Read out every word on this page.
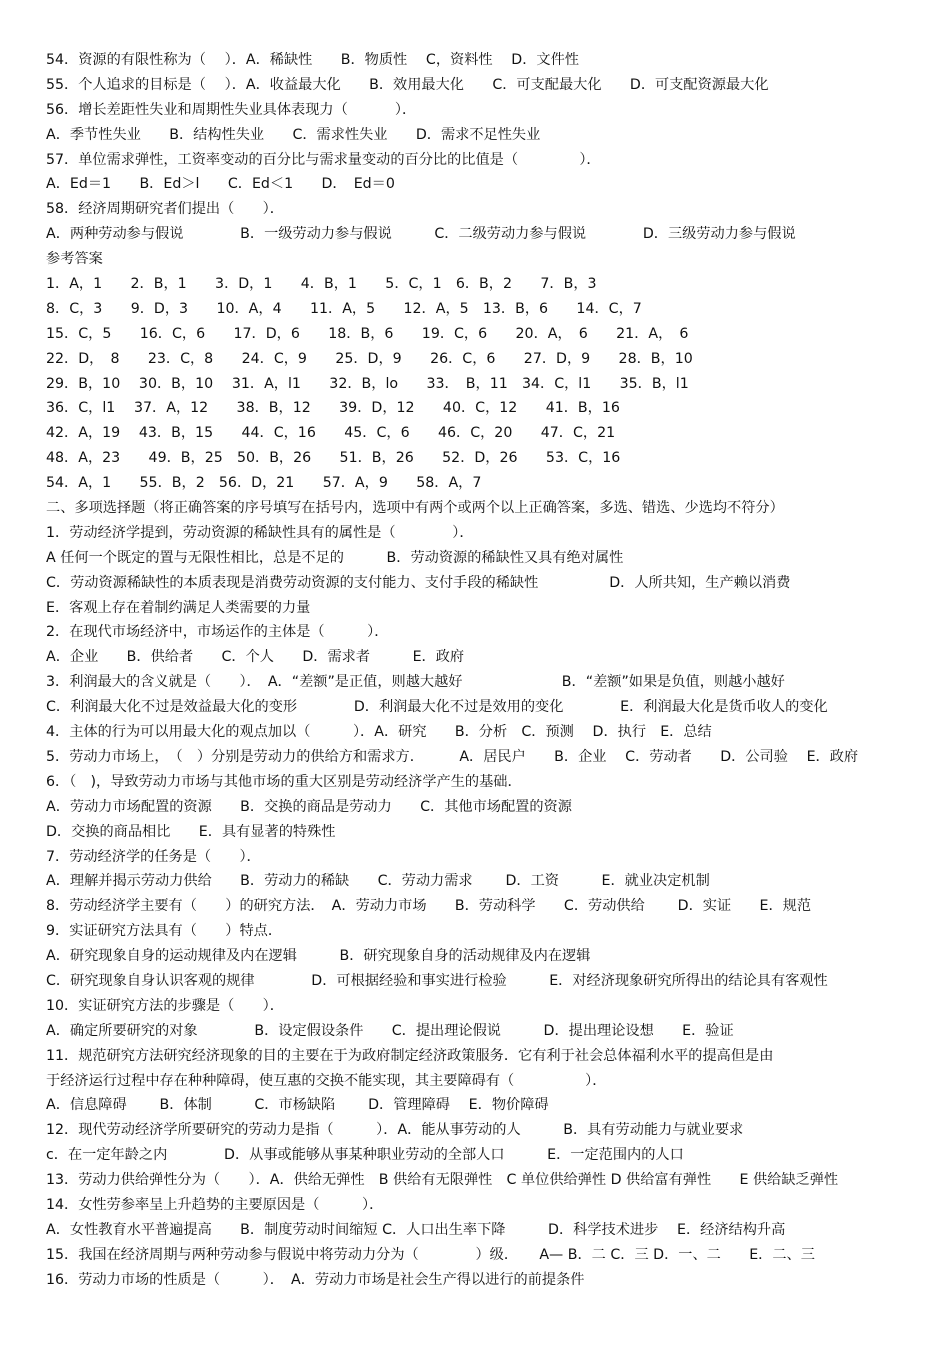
54．资源的有限性称为（　 ）．A．稀缺性　　B．物质性　 C，资料性　 D．文件性
55．个人追求的目标是（　 ）．A．收益最大化　　B．效用最大化　　C．可支配最大化　　D．可支配资源最大化
56．增长差距性失业和周期性失业具体表现力（　　　 ）．
A．季节性失业　　B．结构性失业　　C．需求性失业　　D．需求不足性失业
57．单位需求弹性，工资率变动的百分比与需求量变动的百分比的比值是（　　　　 ）．
A．Ed＝1　　B．Ed＞l　　C．Ed＜1　　D．　Ed＝0
58．经济周期研究者们提出（　　）．
A．两种劳动参与假说　　　　B．一级劳动力参与假说　　　C．二级劳动力参与假说　　　　D．三级劳动力参与假说
参考答案
1．A，1　　2．B，1　　3．D，1　　4．B，1　　5．C，1　6．B，2　　7．B，3
8．C，3　　9．D，3　　10．A，4　　11．A，5　　12．A，5　13．B，6　　14．C，7
15．C，5　　16．C，6　　17．D，6　　18．B，6　　19．C，6　　20．A，　6　　21．A，　6
22．D，　8　　23．C，8　　24．C，9　　25．D，9　　26．C，6　　27．D，9　　28．B，10
29．B，10　 30．B，10　 31．A，l1　　32．B，lo　　33．　B，11　34．C，l1　　35．B，l1
36．C，l1　 37．A，12　　38．B，12　　39．D，12　　40．C，12　　41．B，16
42．A，19　 43．B，15　　44．C，16　　45．C，6　　46．C，20　　47．C，21
48．A，23　　49．B，25　50．B，26　　51．B，26　　52．D，26　　53．C，16
54．A，1　　55．B，2　56．D，21　　57．A，9　　58．A，7
二、多项选择题（将正确答案的序号填写在括号内，选项中有两个或两个以上正确答案，多选、错选、少选均不符分）
1．劳动经济学提到，劳动资源的稀缺性具有的属性是（　　　　）．
A 任何一个既定的置与无限性相比，总是不足的　　　B．劳动资源的稀缺性又具有绝对属性
C．劳动资源稀缺性的本质表现是消费劳动资源的支付能力、支付手段的稀缺性　　　　　D．人所共知，生产赖以消费
E．客观上存在着制约满足人类需要的力量
2．在现代市场经济中，市场运作的主体是（　　　）．
A．企业　　B．供给者　　C．个人　　D．需求者　　　E．政府
3．利润最大的含义就是（　　）．　A．“差额”是正值，则越大越好　　　　　　　B．“差额”如果是负值，则越小越好
C．利润最大化不过是效益最大化的变形　　　　D．利润最大化不过是效用的变化　　　　E．利润最大化是货币收人的变化
4．主体的行为可以用最大化的观点加以（　　　）．A．研究　　B．分析　C．预测　 D．执行　E．总结
5．劳动力市场上，　（　）分别是劳动力的供给方和需求方．　　　A．居民户　　B．企业　 C．劳动者　　D．公司验　 E．政府
6．（　)，导致劳动力市场与其他市场的重大区别是劳动经济学产生的基础．
A．劳动力市场配置的资源　　B．交换的商品是劳动力　　C．其他市场配置的资源
D．交换的商品相比　　E．具有显著的特殊性
7．劳动经济学的任务是（　　）．
A．理解并揭示劳动力供给　　B．劳动力的稀缺　　C．劳动力需求　　 D．工资　　　E．就业决定机制
8．劳动经济学主要有（　　）的研究方法．　A．劳动力市场　　B．劳动科学　　C．劳动供给　　 D．实证　　E．规范
9．实证研究方法具有（　　）特点．
A．研究现象自身的运动规律及内在逻辑　　　B．研究现象自身的活动规律及内在逻辑
C．研究现象自身认识客观的规律　　　　D．可根据经验和事实进行检验　　　E．对经济现象研究所得出的结论具有客观性
10．实证研究方法的步骤是（　　）．
A．确定所要研究的对象　　　　B．设定假设条件　　C．提出理论假说　　　D．提出理论设想　　E．验证
11．规范研究方法研究经济现象的目的主要在于为政府制定经济政策服务．它有利于社会总体福利水平的提高但是由
于经济运行过程中存在种种障碍，使互惠的交换不能实现，其主要障碍有（　　　　　）．
A．信息障碍　　 B．体制　　　C．市杨缺陷　　 D．管理障碍　 E．物价障碍
12．现代劳动经济学所要研究的劳动力是指（　　　）．A．能从事劳动的人　　　B．具有劳动能力与就业要求
c．在一定年龄之内　　　　D．从事或能够从事某种职业劳动的全部人口　　　E．一定范围内的人口
13．劳动力供给弹性分为（　　）．A．供给无弹性　B 供给有无限弹性　C 单位供给弹性 D 供给富有弹性　　E 供给缺乏弹性
14．女性劳参率呈上升趋势的主要原因是（　　　）．
A．女性教育水平普遍提高　　B．制度劳动时间缩短 C．人口出生率下降　　　D．科学技术进步　 E．经济结构升高
15．我国在经济周期与两种劳动参与假说中将劳动力分为（　　　　）级．　　A— B．二 C．三 D．一、二　　E．二、三
16．劳动力市场的性质是（　　　）．　A．劳动力市场是社会生产得以进行的前提条件
